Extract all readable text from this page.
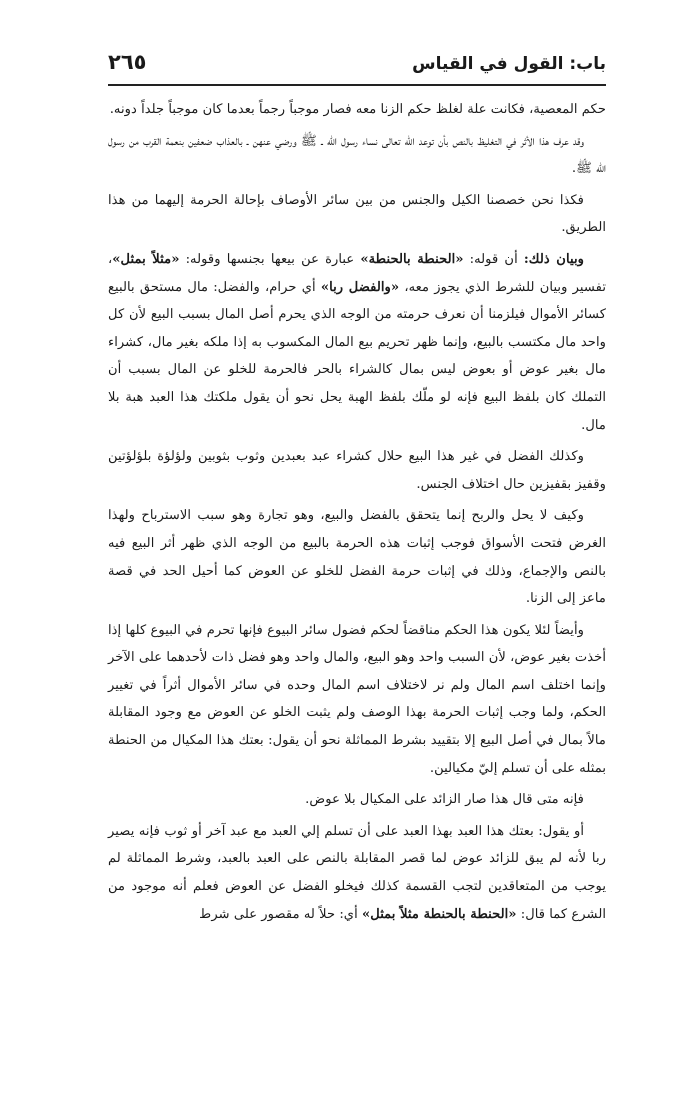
باب: القول في القياس
٢٦٥

حكم المعصية، فكانت علة لغلظ حكم الزنا معه فصار موجباً رجماً بعدما كان موجباً جلداً دونه.

وقد عرف هذا الأثر في التغليظ بالنص بأن توعد الله تعالى نساء رسول الله ـ ﷺ ورضي عنهن ـ بالعذاب ضعفين بنعمة القرب من رسول الله ﷺ.

فكذا نحن خصصنا الكيل والجنس من بين سائر الأوصاف بإحالة الحرمة إليهما من هذا الطريق.

وبيان ذلك: أن قوله: «الحنطة بالحنطة» عبارة عن بيعها بجنسها وقوله: «مثلاً بمثل»، تفسير وبيان للشرط الذي يجوز معه، «والفضل ربا» أي حرام، والفضل: مال مستحق بالبيع كسائر الأموال فيلزمنا أن نعرف حرمته من الوجه الذي يحرم أصل المال بسبب البيع لأن كل واحد مال مكتسب بالبيع، وإنما ظهر تحريم بيع المال المكسوب به إذا ملكه بغير مال، كشراء مال بغير عوض أو بعوض ليس بمال كالشراء بالحر فالحرمة للخلو عن المال بسبب أن التملك كان بلفظ البيع فإنه لو ملّك بلفظ الهبة يحل نحو أن يقول ملكتك هذا العبد هبة بلا مال.

وكذلك الفضل في غير هذا البيع حلال كشراء عبد بعبدين وثوب بثوبين ولؤلؤة بلؤلؤتين وقفيز بقفيزين حال اختلاف الجنس.

وكيف لا يحل والربح إنما يتحقق بالفضل والبيع، وهو تجارة وهو سبب الاسترباح ولهذا الغرض فتحت الأسواق فوجب إثبات هذه الحرمة بالبيع من الوجه الذي ظهر أثر البيع فيه بالنص والإجماع، وذلك في إثبات حرمة الفضل للخلو عن العوض كما أحيل الحد في قصة ماعز إلى الزنا.

وأيضاً لئلا يكون هذا الحكم مناقضاً لحكم فضول سائر البيوع فإنها تحرم في البيوع كلها إذا أخذت بغير عوض، لأن السبب واحد وهو البيع، والمال واحد وهو فضل ذات لأحدهما على الآخر وإنما اختلف اسم المال ولم نر لاختلاف اسم المال وحده في سائر الأموال أثراً في تغيير الحكم، ولما وجب إثبات الحرمة بهذا الوصف ولم يثبت الخلو عن العوض مع وجود المقابلة مالاً بمال في أصل البيع إلا بتقييد بشرط المماثلة نحو أن يقول: بعتك هذا المكيال من الحنطة بمثله على أن تسلم إليّ مكيالين.

فإنه متى قال هذا صار الزائد على المكيال بلا عوض.

أو يقول: بعتك هذا العبد بهذا العبد على أن تسلم إلي العبد مع عبد آخر أو ثوب فإنه يصير ربا لأنه لم يبق للزائد عوض لما قصر المقابلة بالنص على العبد بالعبد، وشرط المماثلة لم يوجب من المتعاقدين لتجب القسمة كذلك فيخلو الفضل عن العوض فعلم أنه موجود من الشرع كما قال: «الحنطة بالحنطة مثلاً بمثل» أي: حلاً له مقصور على شرط
